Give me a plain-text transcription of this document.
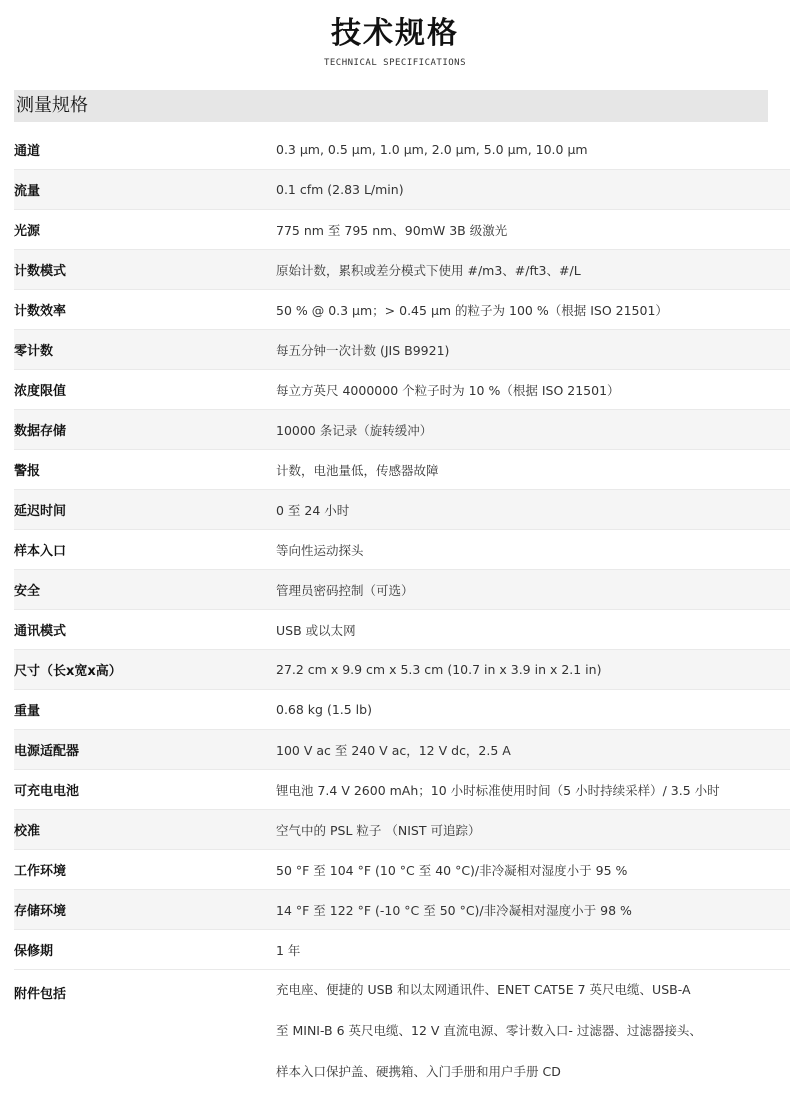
技术规格
TECHNICAL SPECIFICATIONS
测量规格
通道	0.3 μm, 0.5 μm, 1.0 μm, 2.0 μm, 5.0 μm, 10.0 μm
流量	0.1 cfm (2.83 L/min)
光源	775 nm 至 795 nm、90mW 3B 级激光
计数模式	原始计数，累积或差分模式下使用 #/m3、#/ft3、#/L
计数效率	50 % @ 0.3 μm；> 0.45 μm 的粒子为 100 %（根据 ISO 21501）
零计数	每五分钟一次计数 (JIS B9921)
浓度限值	每立方英尺 4000000 个粒子时为 10 %（根据 ISO 21501）
数据存储	10000 条记录（旋转缓冲）
警报	计数，电池量低，传感器故障
延迟时间	0 至 24 小时
样本入口	等向性运动探头
安全	管理员密码控制（可选）
通讯模式	USB 或以太网
尺寸（长x宽x高）	27.2 cm x 9.9 cm x 5.3 cm (10.7 in x 3.9 in x 2.1 in)
重量	0.68 kg (1.5 lb)
电源适配器	100 V ac 至 240 V ac，12 V dc，2.5 A
可充电电池	锂电池 7.4 V 2600 mAh；10 小时标准使用时间（5 小时持续采样）/ 3.5 小时
校准	空气中的 PSL 粒子 （NIST 可追踪）
工作环境	50 °F 至 104 °F (10 °C 至 40 °C)/非冷凝相对湿度小于 95 %
存储环境	14 °F 至 122 °F (-10 °C 至 50 °C)/非冷凝相对湿度小于 98 %
保修期	1 年
附件包括	充电座、便捷的 USB 和以太网通讯件、ENET CAT5E 7 英尺电缆、USB-A
至 MINI-B 6 英尺电缆、12 V 直流电源、零计数入口- 过滤器、过滤器接头、
样本入口保护盖、硬携箱、入门手册和用户手册 CD
